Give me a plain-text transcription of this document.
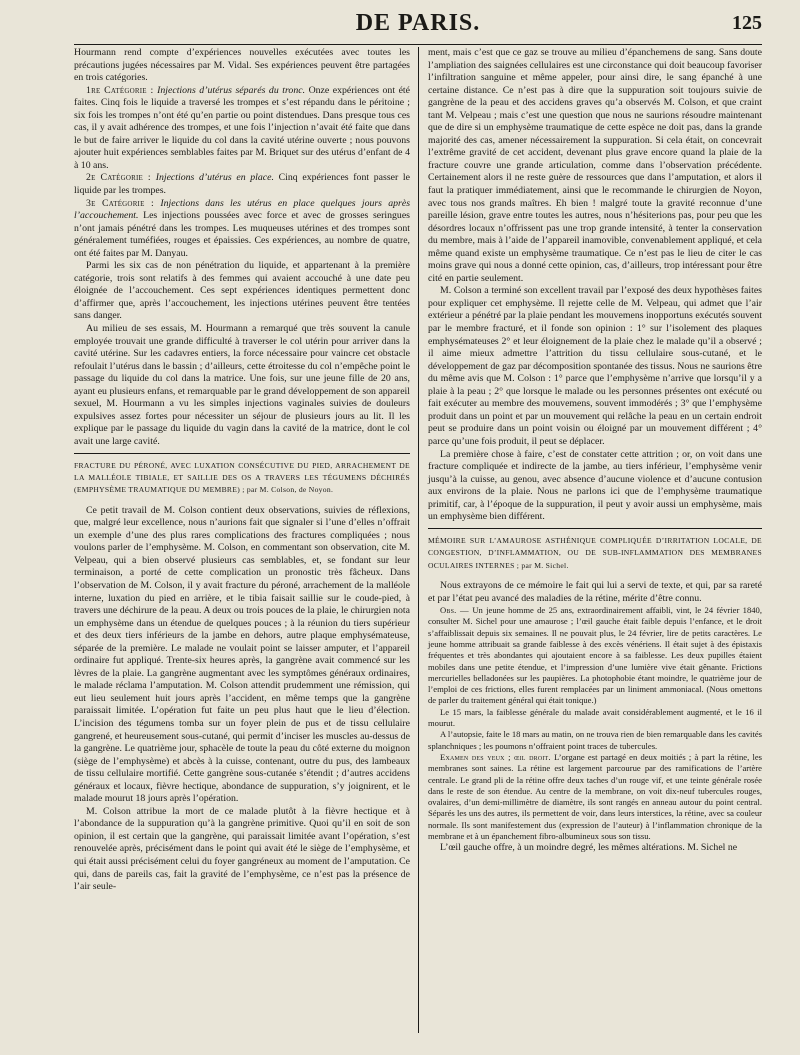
DE PARIS.	125

Hourmann rend compte d’expériences nouvelles exécutées avec toutes les précautions jugées nécessaires par M. Vidal. Ses expériences peuvent être partagées en trois catégories.

1re Catégorie : Injections d’utérus séparés du tronc. Onze expériences ont été faites. Cinq fois le liquide a traversé les trompes et s’est répandu dans le péritoine ; six fois les trompes n’ont été qu’en partie ou point distendues. Dans presque tous ces cas, il y avait adhérence des trompes, et une fois l’injection n’avait été faite que dans le but de faire arriver le liquide du col dans la cavité utérine ouverte ; nous pouvons ajouter huit expériences semblables faites par M. Briquet sur des utérus d’enfant de 4 à 10 ans.

2e Catégorie : Injections d’utérus en place. Cinq expériences font passer le liquide par les trompes.

3e Catégorie : Injections dans les utérus en place quelques jours après l’accouchement. Les injections poussées avec force et avec de grosses seringues n’ont jamais pénétré dans les trompes. Les muqueuses utérines et des trompes sont généralement tuméfiées, rouges et épaissies. Ces expériences, au nombre de quatre, ont été faites par M. Danyau.

Parmi les six cas de non pénétration du liquide, et appartenant à la première catégorie, trois sont relatifs à des femmes qui avaient accouché à une date peu éloignée de l’accouchement. Ces sept expériences identiques permettent donc d’affirmer que, après l’accouchement, les injections utérines peuvent être tentées sans danger.

Au milieu de ses essais, M. Hourmann a remarqué que très souvent la canule employée trouvait une grande difficulté à traverser le col utérin pour arriver dans la cavité utérine. Sur les cadavres entiers, la force nécessaire pour vaincre cet obstacle refoulait l’utérus dans le bassin ; d’ailleurs, cette étroitesse du col n’empêche point le passage du liquide du col dans la matrice. Une fois, sur une jeune fille de 20 ans, ayant eu plusieurs enfans, et remarquable par le grand développement de son appareil sexuel, M. Hourmann a vu les simples injections vaginales suivies de douleurs expulsives assez fortes pour nécessiter un séjour de plusieurs jours au lit. Il les explique par le passage du liquide du vagin dans la cavité de la matrice, dont le col avait une large cavité.

FRACTURE DU PÉRONÉ, AVEC LUXATION CONSÉCUTIVE DU PIED, ARRACHEMENT DE LA MALLÉOLE TIBIALE, ET SAILLIE DES OS A TRAVERS LES TÉGUMENS DÉCHIRÉS (EMPHYSÈME TRAUMATIQUE DU MEMBRE) ; par M. Colson, de Noyon.

Ce petit travail de M. Colson contient deux observations, suivies de réflexions, que, malgré leur excellence, nous n’aurions fait que signaler si l’une d’elles n’offrait un exemple d’une des plus rares complications des fractures compliquées ; nous voulons parler de l’emphysème. M. Colson, en commentant son observation, cite M. Velpeau, qui a bien observé plusieurs cas semblables, et, se fondant sur leur terminaison, a porté de cette complication un pronostic très fâcheux. Dans l’observation de M. Colson, il y avait fracture du péroné, arrachement de la malléole interne, luxation du pied en arrière, et le tibia faisait saillie sur le coude-pied, à travers une déchirure de la peau. A deux ou trois pouces de la plaie, le chirurgien nota un emphysème dans un étendue de quelques pouces ; à la réunion du tiers supérieur et des deux tiers inférieurs de la jambe en dehors, autre plaque emphysémateuse, séparée de la première. Le malade ne voulait point se laisser amputer, et l’appareil ordinaire fut appliqué. Trente-six heures après, la gangrène avait commencé sur les lèvres de la plaie. La gangrène augmentant avec les symptômes généraux ordinaires, le malade réclama l’amputation. M. Colson attendit prudemment une rémission, qui eut lieu seulement huit jours après l’accident, en même temps que la gangrène paraissait limitée. L’opération fut faite un peu plus haut que le lieu d’élection. L’incision des tégumens tomba sur un foyer plein de pus et de tissu cellulaire gangrené, et heureusement sous-cutané, qui permit d’inciser les muscles au-dessus de la gangrène. Le quatrième jour, sphacèle de toute la peau du côté externe du moignon (siège de l’emphysème) et abcès à la cuisse, contenant, outre du pus, des lambeaux de tissu cellulaire mortifié. Cette gangrène sous-cutanée s’étendit ; d’autres accidens généraux et locaux, fièvre hectique, abondance de suppuration, s’y joignirent, et le malade mourut 18 jours après l’opération.

M. Colson attribue la mort de ce malade plutôt à la fièvre hectique et à l’abondance de la suppuration qu’à la gangrène primitive. Quoi qu’il en soit de son opinion, il est certain que la gangrène, qui paraissait limitée avant l’opération, s’est renouvelée après, précisément dans le point qui avait été le siège de l’emphysème, et qui était aussi précisément celui du foyer gangréneux au moment de l’amputation. Ce qui, dans de pareils cas, fait la gravité de l’emphysème, ce n’est pas la présence de l’air seule-

ment, mais c’est que ce gaz se trouve au milieu d’épanchemens de sang. Sans doute l’ampliation des saignées cellulaires est une circonstance qui doit beaucoup favoriser l’infiltration sanguine et même appeler, pour ainsi dire, le sang épanché à une certaine distance. Ce n’est pas à dire que la suppuration soit toujours suivie de gangrène de la peau et des accidens graves qu’a observés M. Colson, et que craint tant M. Velpeau ; mais c’est une question que nous ne saurions résoudre maintenant que de dire si un emphysème traumatique de cette espèce ne doit pas, dans la grande majorité des cas, amener nécessairement la suppuration. Si cela était, on concevrait l’extrême gravité de cet accident, devenant plus grave encore quand la plaie de la fracture couvre une grande articulation, comme dans l’observation précédente. Certainement alors il ne reste guère de ressources que dans l’amputation, et alors il faut la pratiquer immédiatement, ainsi que le recommande le chirurgien de Noyon, avec tous nos grands maîtres. Eh bien ! malgré toute la gravité reconnue d’une pareille lésion, grave entre toutes les autres, nous n’hésiterions pas, pour peu que les désordres locaux n’offrissent pas une trop grande intensité, à tenter la conservation du membre, mais à l’aide de l’appareil inamovible, convenablement appliqué, et cela même quand existe un emphysème traumatique. Ce n’est pas le lieu de citer le cas moins grave qui nous a donné cette opinion, cas, d’ailleurs, trop intéressant pour être cité en partie seulement.

M. Colson a terminé son excellent travail par l’exposé des deux hypothèses faites pour expliquer cet emphysème. Il rejette celle de M. Velpeau, qui admet que l’air extérieur a pénétré par la plaie pendant les mouvemens inopportuns exécutés souvent par le membre fracturé, et il fonde son opinion : 1° sur l’isolement des plaques emphysémateuses 2° et leur éloignement de la plaie chez le malade qu’il a observé ; il aime mieux admettre l’attrition du tissu cellulaire sous-cutané, et le développement de gaz par décomposition spontanée des tissus. Nous ne saurions être du même avis que M. Colson : 1° parce que l’emphysème n’arrive que lorsqu’il y a plaie à la peau ; 2° que lorsque le malade ou les personnes présentes ont exécuté ou fait exécuter au membre des mouvemens, souvent immodérés ; 3° que l’emphysème produit dans un point et par un mouvement qui relâche la peau en un certain endroit peut se produire dans un point voisin ou éloigné par un mouvement différent ; 4° parce qu’une fois produit, il peut se déplacer.

La première chose à faire, c’est de constater cette attrition ; or, on voit dans une fracture compliquée et indirecte de la jambe, au tiers inférieur, l’emphysème venir jusqu’à la cuisse, au genou, avec absence d’aucune violence et d’aucune contusion aux environs de la plaie. Nous ne parlons ici que de l’emphysème traumatique primitif, car, à l’époque de la suppuration, il peut y avoir aussi un emphysème, mais un emphysème bien différent.

MÉMOIRE SUR L’AMAUROSE ASTHÉNIQUE COMPLIQUÉE D’IRRITATION LOCALE, DE CONGESTION, D’INFLAMMATION, OU DE SUB-INFLAMMATION DES MEMBRANES OCULAIRES INTERNES ; par M. Sichel.

Nous extrayons de ce mémoire le fait qui lui a servi de texte, et qui, par sa rareté et par l’état peu avancé des maladies de la rétine, mérite d’être connu.

Obs. — Un jeune homme de 25 ans, extraordinairement affaibli, vint, le 24 février 1840, consulter M. Sichel pour une amaurose ; l’œil gauche était faible depuis l’enfance, et le droit s’affaiblissait depuis six semaines. Il ne pouvait plus, le 24 février, lire de petits caractères. Le jeune homme attribuait sa grande faiblesse à des excès vénériens. Il était sujet à des épistaxis fréquentes et très abondantes qui ajoutaient encore à sa faiblesse. Les deux pupilles étaient mobiles dans une petite étendue, et l’impression d’une lumière vive était gênante. Frictions mercurielles belladonées sur les paupières. La photophobie étant moindre, le quatrième jour de l’emploi de ces frictions, elles furent remplacées par un liniment ammoniacal. (Nous omettons de parler du traitement général qui était tonique.)

Le 15 mars, la faiblesse générale du malade avait considérablement augmenté, et le 16 il mourut.

A l’autopsie, faite le 18 mars au matin, on ne trouva rien de bien remarquable dans les cavités splanchniques ; les poumons n’offraient point traces de tubercules.

Examen des yeux ; œil droit. L’organe est partagé en deux moitiés ; à part la rétine, les membranes sont saines. La rétine est largement parcourue par des ramifications de l’artère centrale. Le grand pli de la rétine offre deux taches d’un rouge vif, et une teinte générale rosée dans le reste de son étendue. Au centre de la membrane, on voit dix-neuf tubercules rouges, ovalaires, d’un demi-millimètre de diamètre, ils sont rangés en anneau autour du point central. Séparés les uns des autres, ils permettent de voir, dans leurs interstices, la rétine, avec sa couleur normale. Ils sont manifestement dus (expression de l’auteur) à l’inflammation chronique de la membrane et à un épanchement fibro-albumineux sous son tissu.

L’œil gauche offre, à un moindre degré, les mêmes altérations. M. Sichel ne
